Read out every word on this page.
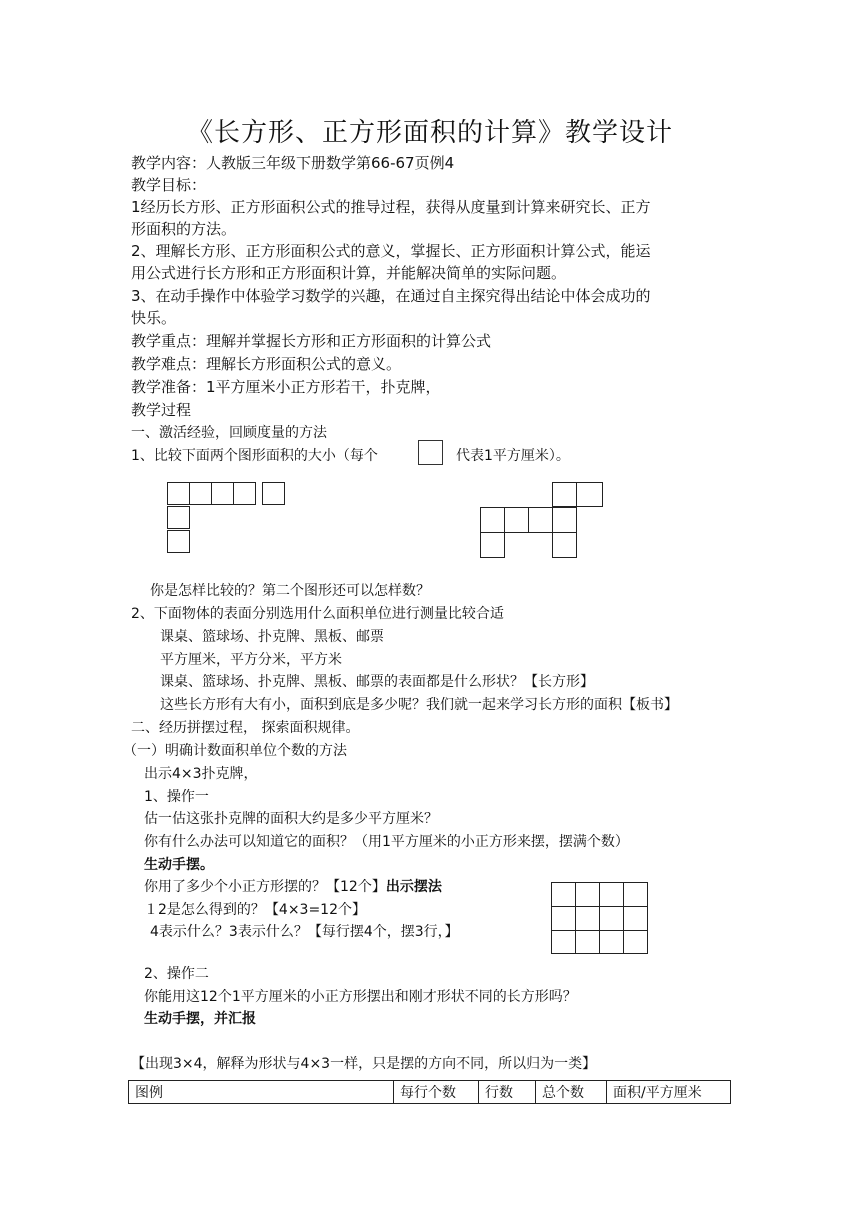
《长方形、正方形面积的计算》教学设计
教学内容：人教版三年级下册数学第66-67页例4
教学目标：
1经历长方形、正方形面积公式的推导过程，获得从度量到计算来研究长、正方
形面积的方法。
2、理解长方形、正方形面积公式的意义，掌握长、正方形面积计算公式，能运
用公式进行长方形和正方形面积计算，并能解决简单的实际问题。
3、在动手操作中体验学习数学的兴趣，在通过自主探究得出结论中体会成功的
快乐。
教学重点：理解并掌握长方形和正方形面积的计算公式
教学难点：理解长方形面积公式的意义。
教学准备：1平方厘米小正方形若干，扑克牌，
教学过程
一、激活经验，回顾度量的方法
1、比较下面两个图形面积的大小（每个	代表1平方厘米）。
你是怎样比较的？第二个图形还可以怎样数？
2、下面物体的表面分别选用什么面积单位进行测量比较合适
课桌、篮球场、扑克牌、黑板、邮票
平方厘米，平方分米，平方米
课桌、篮球场、扑克牌、黑板、邮票的表面都是什么形状？【长方形】
这些长方形有大有小，面积到底是多少呢？我们就一起来学习长方形的面积【板书】
二、经历拼摆过程， 探索面积规律。
（一）明确计数面积单位个数的方法
出示4×3扑克牌，
1、操作一
估一估这张扑克牌的面积大约是多少平方厘米？
你有什么办法可以知道它的面积？（用1平方厘米的小正方形来摆，摆满个数）
生动手摆。
你用了多少个小正方形摆的？【12个】出示摆法
１2是怎么得到的？【4×3=12个】
4表示什么？3表示什么？【每行摆4个，摆3行，】
2、操作二
你能用这12个1平方厘米的小正方形摆出和刚才形状不同的长方形吗？
生动手摆，并汇报
【出现3×4，解释为形状与4×3一样，只是摆的方向不同，所以归为一类】
图例	每行个数	行数	总个数	面积/平方厘米
